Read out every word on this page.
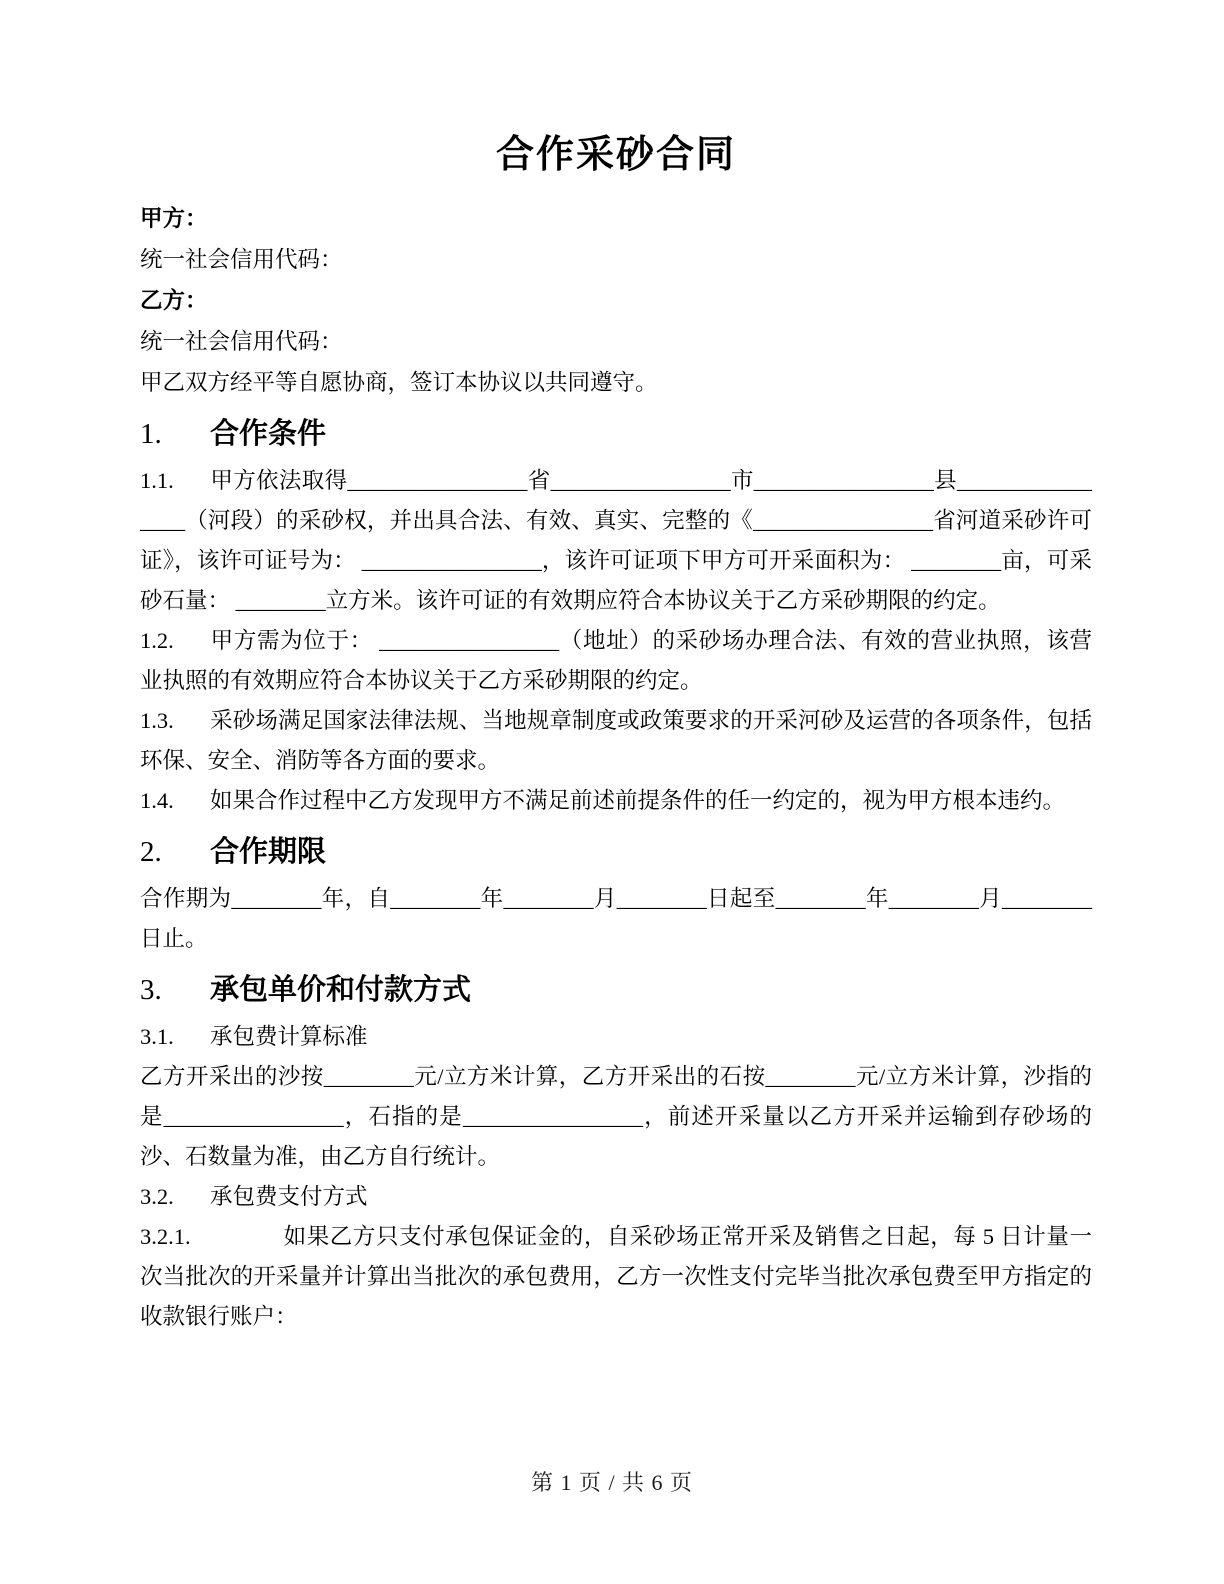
合作采砂合同

甲方：

统一社会信用代码：

乙方：

统一社会信用代码：

甲乙双方经平等自愿协商，签订本协议以共同遵守。

1. 合作条件

1.1. 甲方依法取得________________省________________市________________县________________（河段）的采砂权，并出具合法、有效、真实、完整的《________________省河道采砂许可证》，该许可证号为： ________________，该许可证项下甲方可开采面积为： ________亩，可采砂石量： ________立方米。该许可证的有效期应符合本协议关于乙方采砂期限的约定。

1.2. 甲方需为位于： ________________（地址）的采砂场办理合法、有效的营业执照，该营业执照的有效期应符合本协议关于乙方采砂期限的约定。

1.3. 采砂场满足国家法律法规、当地规章制度或政策要求的开采河砂及运营的各项条件，包括环保、安全、消防等各方面的要求。

1.4. 如果合作过程中乙方发现甲方不满足前述前提条件的任一约定的，视为甲方根本违约。

2. 合作期限

合作期为________年，自________年________月________日起至________年________月________日止。

3. 承包单价和付款方式

3.1. 承包费计算标准

乙方开采出的沙按________元/立方米计算，乙方开采出的石按________元/立方米计算，沙指的是________________，石指的是________________，前述开采量以乙方开采并运输到存砂场的沙、石数量为准，由乙方自行统计。

3.2. 承包费支付方式

3.2.1.	如果乙方只支付承包保证金的，自采砂场正常开采及销售之日起，每 5 日计量一次当批次的开采量并计算出当批次的承包费用，乙方一次性支付完毕当批次承包费至甲方指定的收款银行账户：

第 1 页 / 共 6 页
